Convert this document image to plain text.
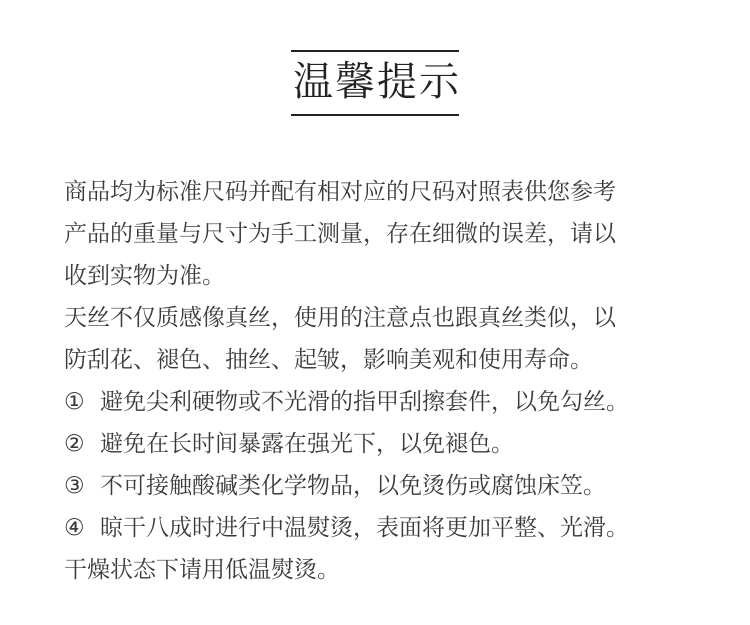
温馨提示
商品均为标准尺码并配有相对应的尺码对照表供您参考
产品的重量与尺寸为手工测量，存在细微的误差，请以
收到实物为准。
天丝不仅质感像真丝，使用的注意点也跟真丝类似，以
防刮花、褪色、抽丝、起皱，影响美观和使用寿命。
① 避免尖利硬物或不光滑的指甲刮擦套件，以免勾丝。
② 避免在长时间暴露在强光下，以免褪色。
③ 不可接触酸碱类化学物品，以免烫伤或腐蚀床笠。
④ 晾干八成时进行中温熨烫，表面将更加平整、光滑。
干燥状态下请用低温熨烫。
